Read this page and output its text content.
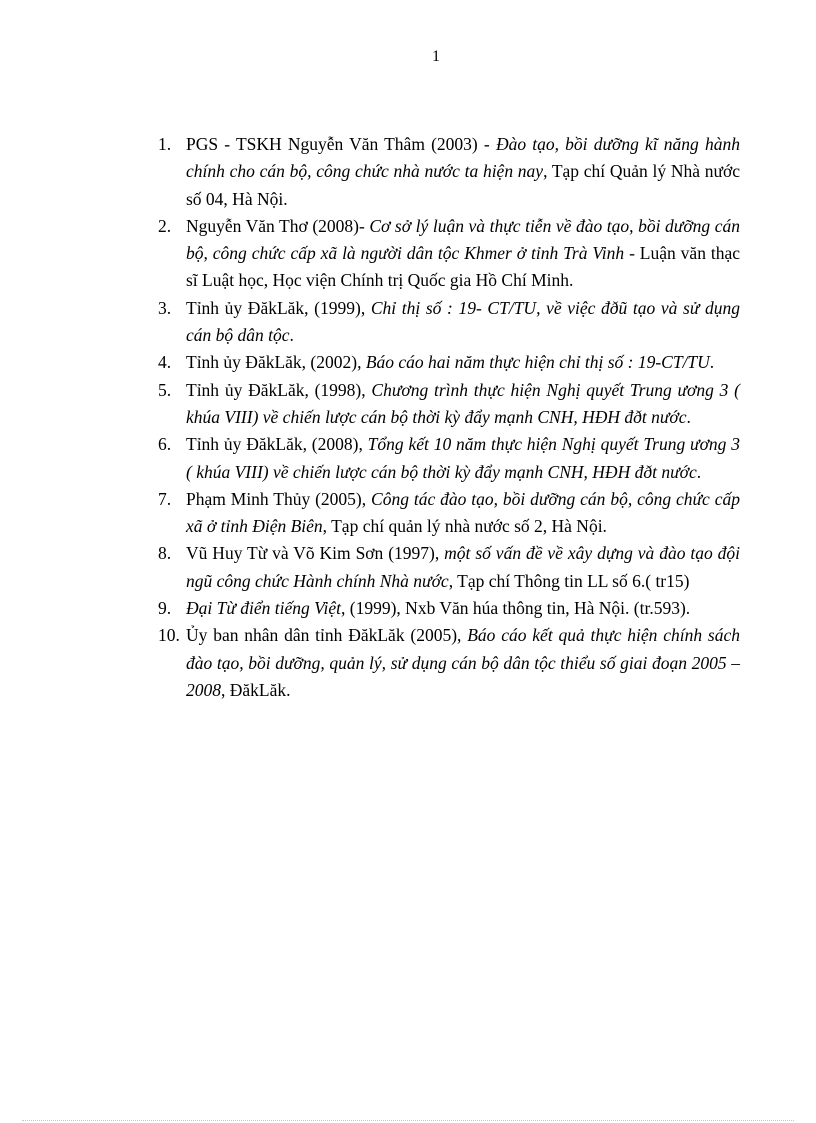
1
1. PGS - TSKH Nguyễn Văn Thâm (2003) - Đào tạo, bồi dưỡng kĩ năng hành chính cho cán bộ, công chức nhà nước ta hiện nay, Tạp chí Quản lý Nhà nước số 04, Hà Nội.
2. Nguyễn Văn Thơ (2008)- Cơ sở lý luận và thực tiễn về đào tạo, bồi dưỡng cán bộ, công chức cấp xã là người dân tộc Khmer ở tỉnh Trà Vinh - Luận văn thạc sĩ Luật học, Học viện Chính trị Quốc gia Hồ Chí Minh.
3. Tỉnh ủy ĐăkLăk, (1999), Chỉ thị số : 19- CT/TU, về việc đðũ tạo và sử dụng cán bộ dân tộc.
4. Tỉnh ủy ĐăkLăk, (2002), Báo cáo hai năm thực hiện chỉ thị số : 19-CT/TU.
5. Tỉnh ủy ĐăkLăk, (1998), Chương trình thực hiện Nghị quyết Trung ương 3 ( khúa VIII) về chiến lược cán bộ thời kỳ đẩy mạnh CNH, HĐH đðt nước.
6. Tỉnh ủy ĐăkLăk, (2008), Tổng kết 10 năm thực hiện Nghị quyết Trung ương 3 ( khúa VIII) về chiến lược cán bộ thời kỳ đẩy mạnh CNH, HĐH đðt nước.
7. Phạm Minh Thủy (2005), Công tác đào tạo, bồi dưỡng cán bộ, công chức cấp xã ở tỉnh Điện Biên, Tạp chí quản lý nhà nước số 2, Hà Nội.
8. Vũ Huy Từ và Võ Kim Sơn (1997), một số vấn đề về xây dựng và đào tạo đội ngũ công chức Hành chính Nhà nước, Tạp chí Thông tin LL số 6.( tr15)
9. Đại Từ điển tiếng Việt, (1999), Nxb Văn húa thông tin, Hà Nội. (tr.593).
10. Ủy ban nhân dân tỉnh ĐăkLăk (2005), Báo cáo kết quả thực hiện chính sách đào tạo, bồi dưỡng, quản lý, sử dụng cán bộ dân tộc thiểu số giai đoạn 2005 – 2008, ĐăkLăk.
